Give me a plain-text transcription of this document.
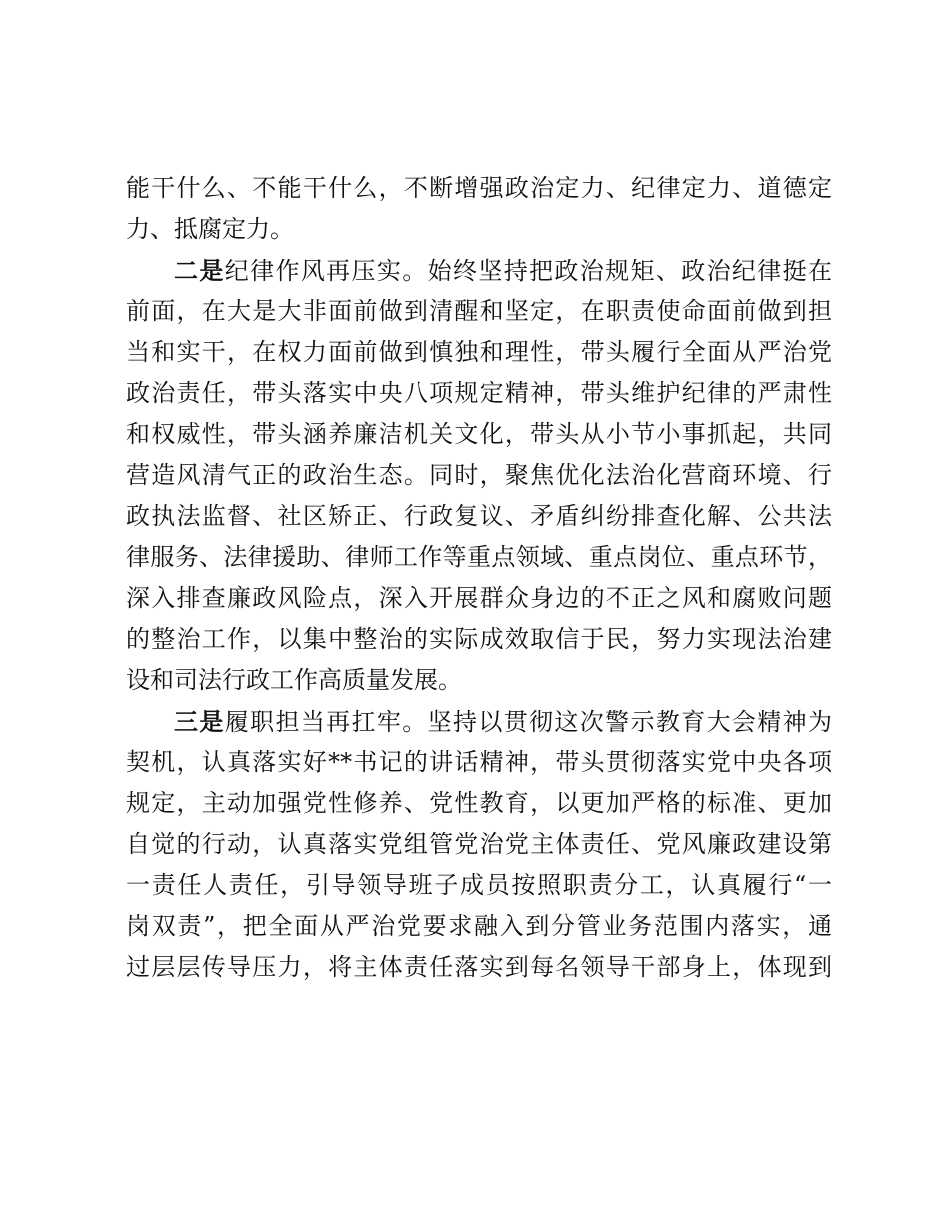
能干什么、不能干什么，不断增强政治定力、纪律定力、道德定
力、抵腐定力。
二是纪律作风再压实。始终坚持把政治规矩、政治纪律挺在
前面，在大是大非面前做到清醒和坚定，在职责使命面前做到担
当和实干，在权力面前做到慎独和理性，带头履行全面从严治党
政治责任，带头落实中央八项规定精神，带头维护纪律的严肃性
和权威性，带头涵养廉洁机关文化，带头从小节小事抓起，共同
营造风清气正的政治生态。同时，聚焦优化法治化营商环境、行
政执法监督、社区矫正、行政复议、矛盾纠纷排查化解、公共法
律服务、法律援助、律师工作等重点领域、重点岗位、重点环节，
深入排查廉政风险点，深入开展群众身边的不正之风和腐败问题
的整治工作，以集中整治的实际成效取信于民，努力实现法治建
设和司法行政工作高质量发展。
三是履职担当再扛牢。坚持以贯彻这次警示教育大会精神为
契机，认真落实好**书记的讲话精神，带头贯彻落实党中央各项
规定，主动加强党性修养、党性教育，以更加严格的标准、更加
自觉的行动，认真落实党组管党治党主体责任、党风廉政建设第
一责任人责任，引导领导班子成员按照职责分工，认真履行“一
岗双责”，把全面从严治党要求融入到分管业务范围内落实，通
过层层传导压力，将主体责任落实到每名领导干部身上，体现到
